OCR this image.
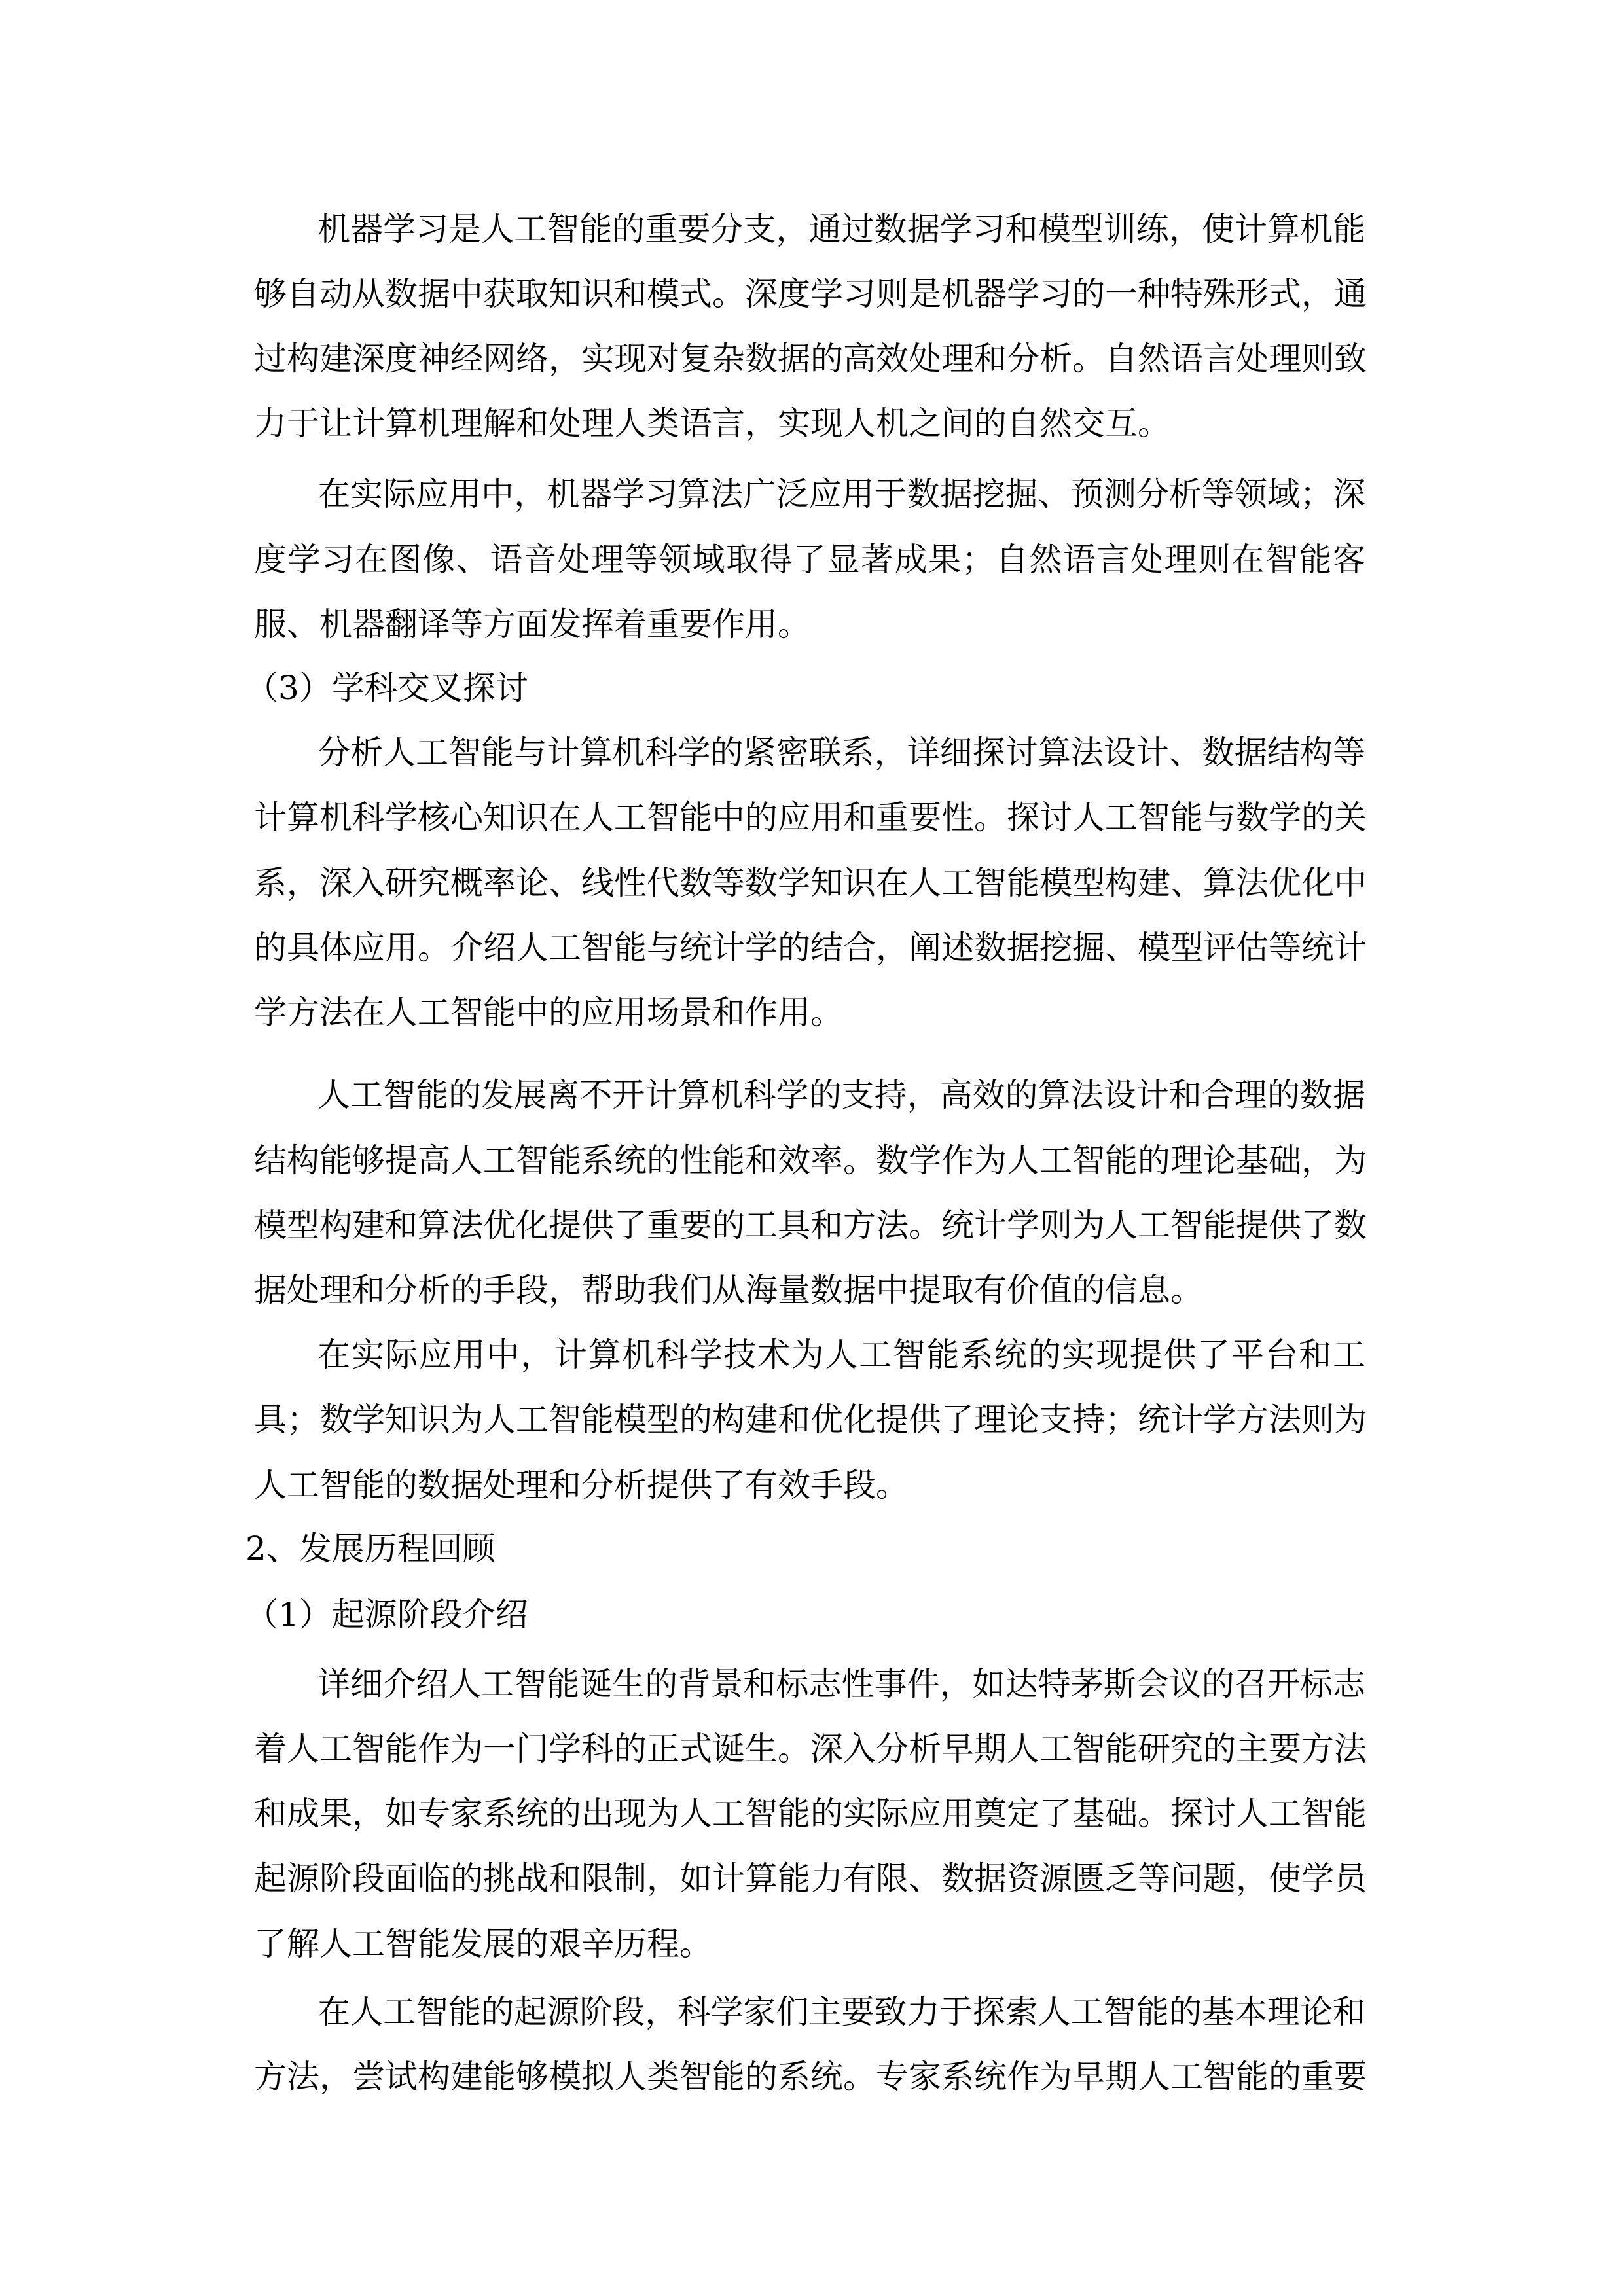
机器学习是人工智能的重要分支，通过数据学习和模型训练，使计算机能
够自动从数据中获取知识和模式。深度学习则是机器学习的一种特殊形式，通
过构建深度神经网络，实现对复杂数据的高效处理和分析。自然语言处理则致
力于让计算机理解和处理人类语言，实现人机之间的自然交互。
在实际应用中，机器学习算法广泛应用于数据挖掘、预测分析等领域；深
度学习在图像、语音处理等领域取得了显著成果；自然语言处理则在智能客
服、机器翻译等方面发挥着重要作用。
（3）学科交叉探讨
分析人工智能与计算机科学的紧密联系，详细探讨算法设计、数据结构等
计算机科学核心知识在人工智能中的应用和重要性。探讨人工智能与数学的关
系，深入研究概率论、线性代数等数学知识在人工智能模型构建、算法优化中
的具体应用。介绍人工智能与统计学的结合，阐述数据挖掘、模型评估等统计
学方法在人工智能中的应用场景和作用。
人工智能的发展离不开计算机科学的支持，高效的算法设计和合理的数据
结构能够提高人工智能系统的性能和效率。数学作为人工智能的理论基础，为
模型构建和算法优化提供了重要的工具和方法。统计学则为人工智能提供了数
据处理和分析的手段，帮助我们从海量数据中提取有价值的信息。
在实际应用中，计算机科学技术为人工智能系统的实现提供了平台和工
具；数学知识为人工智能模型的构建和优化提供了理论支持；统计学方法则为
人工智能的数据处理和分析提供了有效手段。
2、发展历程回顾
（1）起源阶段介绍
详细介绍人工智能诞生的背景和标志性事件，如达特茅斯会议的召开标志
着人工智能作为一门学科的正式诞生。深入分析早期人工智能研究的主要方法
和成果，如专家系统的出现为人工智能的实际应用奠定了基础。探讨人工智能
起源阶段面临的挑战和限制，如计算能力有限、数据资源匮乏等问题，使学员
了解人工智能发展的艰辛历程。
在人工智能的起源阶段，科学家们主要致力于探索人工智能的基本理论和
方法，尝试构建能够模拟人类智能的系统。专家系统作为早期人工智能的重要
